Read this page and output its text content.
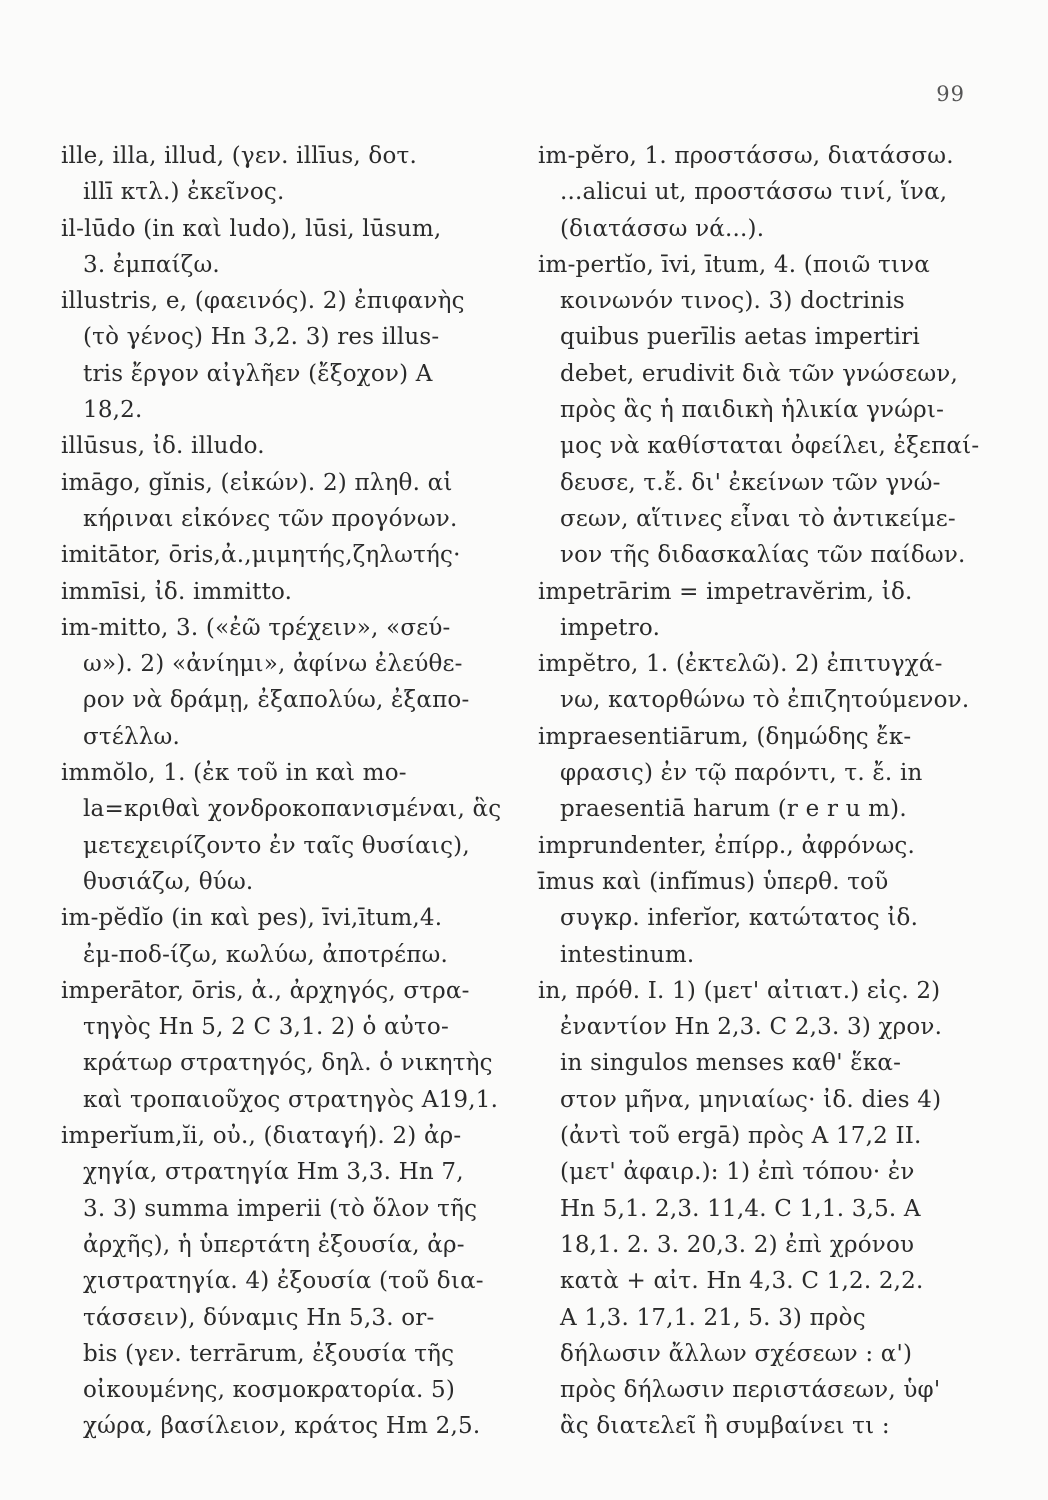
99
ille, illa, illud, (γεν. illīus, δοτ.
illī κτλ.) ἐκεῖνος.
il-lūdo (in καὶ ludo), lūsi, lūsum,
3. ἐμπαίζω.
illustris, e, (φαεινός). 2) ἐπιφανὴς
(τὸ γένος) Hn 3,2. 3) res illus-
tris ἔργον αἰγλῆεν (ἔξοχον) A
18,2.
illūsus, ἰδ. illudo.
imāgo, gĭnis, (εἰκών). 2) πληθ. αἱ
κήριναι εἰκόνες τῶν προγόνων.
imitātor, ōris,ἀ.,μιμητής,ζηλωτής·
immīsi, ἰδ. immitto.
im-mitto, 3. («ἐῶ τρέχειν», «σεύ-
ω»). 2) «ἀνίημι», ἀφίνω ἐλεύθε-
ρον νὰ δράμῃ, ἐξαπολύω, ἐξαπο-
στέλλω.
immŏlo, 1. (ἐκ τοῦ in καὶ mo-
la=κριθαὶ χονδροκοπανισμέναι, ἃς
μετεχειρίζοντο ἐν ταῖς θυσίαις),
θυσιάζω, θύω.
im-pĕdĭo (in καὶ pes), īvi,ītum,4.
ἐμ-ποδ-ίζω, κωλύω, ἀποτρέπω.
imperātor, ōris, ἀ., ἀρχηγός, στρα-
τηγὸς Hn 5, 2 C 3,1. 2) ὁ αὐτο-
κράτωρ στρατηγός, δηλ. ὁ νικητὴς
καὶ τροπαιοῦχος στρατηγὸς A19,1.
imperĭum,ĭi, οὐ., (διαταγή). 2) ἀρ-
χηγία, στρατηγία Hm 3,3. Hn 7,
3. 3) summa imperii (τὸ ὅλον τῆς
ἀρχῆς), ἡ ὑπερτάτη ἐξουσία, ἀρ-
χιστρατηγία. 4) ἐξουσία (τοῦ δια-
τάσσειν), δύναμις Hn 5,3. or-
bis (γεν. terrārum, ἐξουσία τῆς
οἰκουμένης, κοσμοκρατορία. 5)
χώρα, βασίλειον, κράτος Hm 2,5.
im-pĕro, 1. προστάσσω, διατάσσω.
...alicui ut, προστάσσω τινί, ἵνα,
(διατάσσω νά...).
im-pertĭo, īvi, ītum, 4. (ποιῶ τινα
κοινωνόν τινος). 3) doctrinis
quibus puerīlis aetas impertiri
debet, erudivit διὰ τῶν γνώσεων,
πρὸς ἃς ἡ παιδικὴ ἡλικία γνώρι-
μος νὰ καθίσταται ὀφείλει, ἐξεπαί-
δευσε, τ.ἔ. δι' ἐκείνων τῶν γνώ-
σεων, αἵτινες εἶναι τὸ ἀντικείμε-
νον τῆς διδασκαλίας τῶν παίδων.
impetrārim = impetravĕrim, ἰδ.
impetro.
impĕtro, 1. (ἐκτελῶ). 2) ἐπιτυγχά-
νω, κατορθώνω τὸ ἐπιζητούμενον.
impraesentiārum, (δημώδης ἔκ-
φρασις) ἐν τῷ παρόντι, τ. ἔ. in
praesentiā harum (r e r u m).
imprundenter, ἐπίρρ., ἀφρόνως.
īmus καὶ (infĭmus) ὑπερθ. τοῦ
συγκρ. inferĭor, κατώτατος ἰδ.
intestinum.
in, πρόθ. I. 1) (μετ' αἰτιατ.) εἰς. 2)
ἐναντίον Hn 2,3. C 2,3. 3) χρον.
in singulos menses καθ' ἕκα-
στον μῆνα, μηνιαίως· ἰδ. dies 4)
(ἀντὶ τοῦ ergā) πρὸς A 17,2 II.
(μετ' ἀφαιρ.): 1) ἐπὶ τόπου· ἐν
Hn 5,1. 2,3. 11,4. C 1,1. 3,5. A
18,1. 2. 3. 20,3. 2) ἐπὶ χρόνου
κατὰ + αἰτ. Hn 4,3. C 1,2. 2,2.
A 1,3. 17,1. 21, 5. 3) πρὸς
δήλωσιν ἄλλων σχέσεων : α')
πρὸς δήλωσιν περιστάσεων, ὑφ'
ἃς διατελεῖ ἢ συμβαίνει τι :
